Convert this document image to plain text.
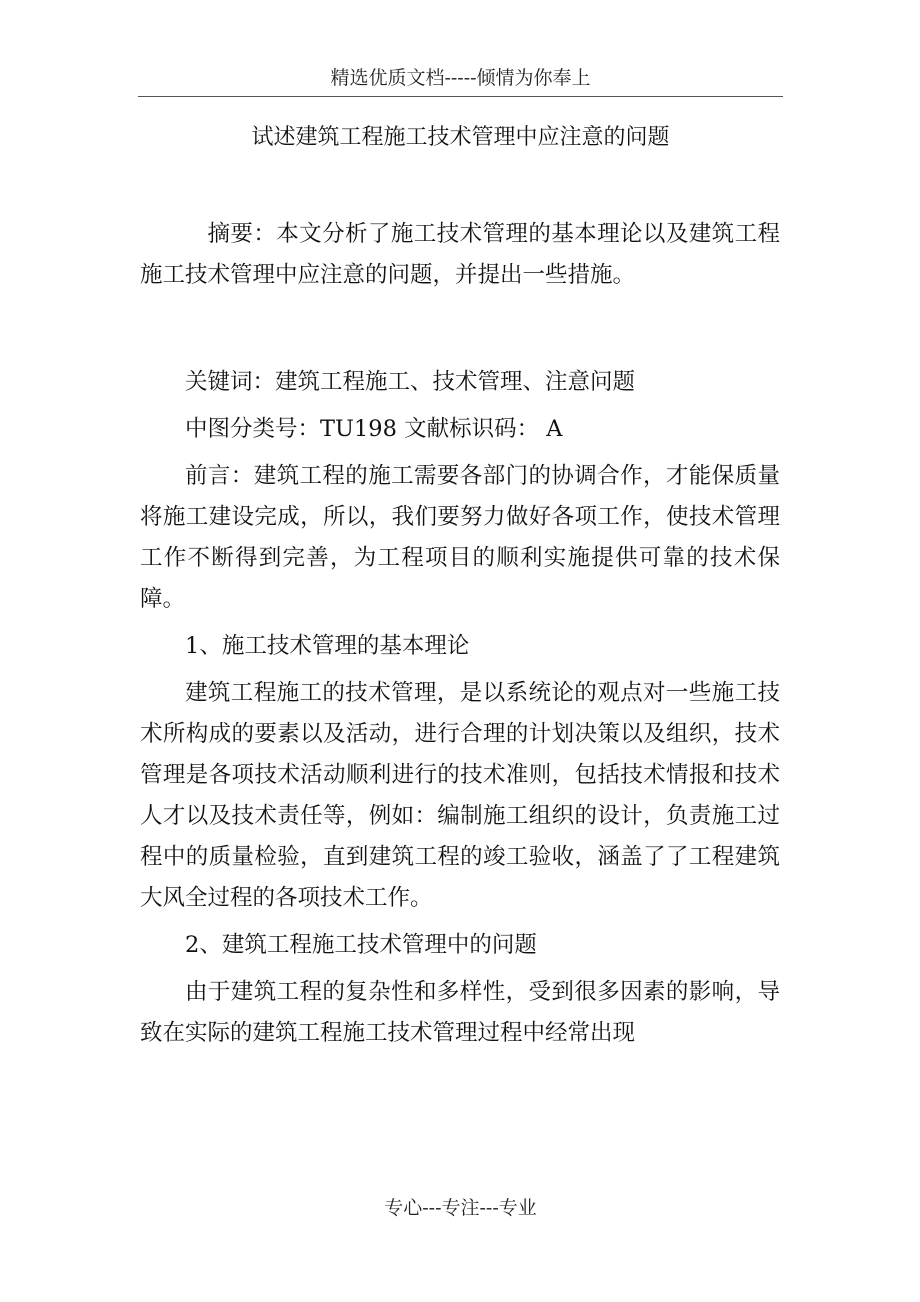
精选优质文档-----倾情为你奉上
试述建筑工程施工技术管理中应注意的问题

摘要：本文分析了施工技术管理的基本理论以及建筑工程施工技术管理中应注意的问题，并提出一些措施。

关键词：建筑工程施工、技术管理、注意问题

中图分类号：TU198 文献标识码： A

前言：建筑工程的施工需要各部门的协调合作，才能保质量将施工建设完成，所以，我们要努力做好各项工作，使技术管理工作不断得到完善，为工程项目的顺利实施提供可靠的技术保障。

1、施工技术管理的基本理论

建筑工程施工的技术管理，是以系统论的观点对一些施工技术所构成的要素以及活动，进行合理的计划决策以及组织，技术管理是各项技术活动顺利进行的技术准则，包括技术情报和技术人才以及技术责任等，例如：编制施工组织的设计，负责施工过程中的质量检验，直到建筑工程的竣工验收，涵盖了了工程建筑大风全过程的各项技术工作。

2、建筑工程施工技术管理中的问题

由于建筑工程的复杂性和多样性，受到很多因素的影响，导致在实际的建筑工程施工技术管理过程中经常出现

专心---专注---专业
